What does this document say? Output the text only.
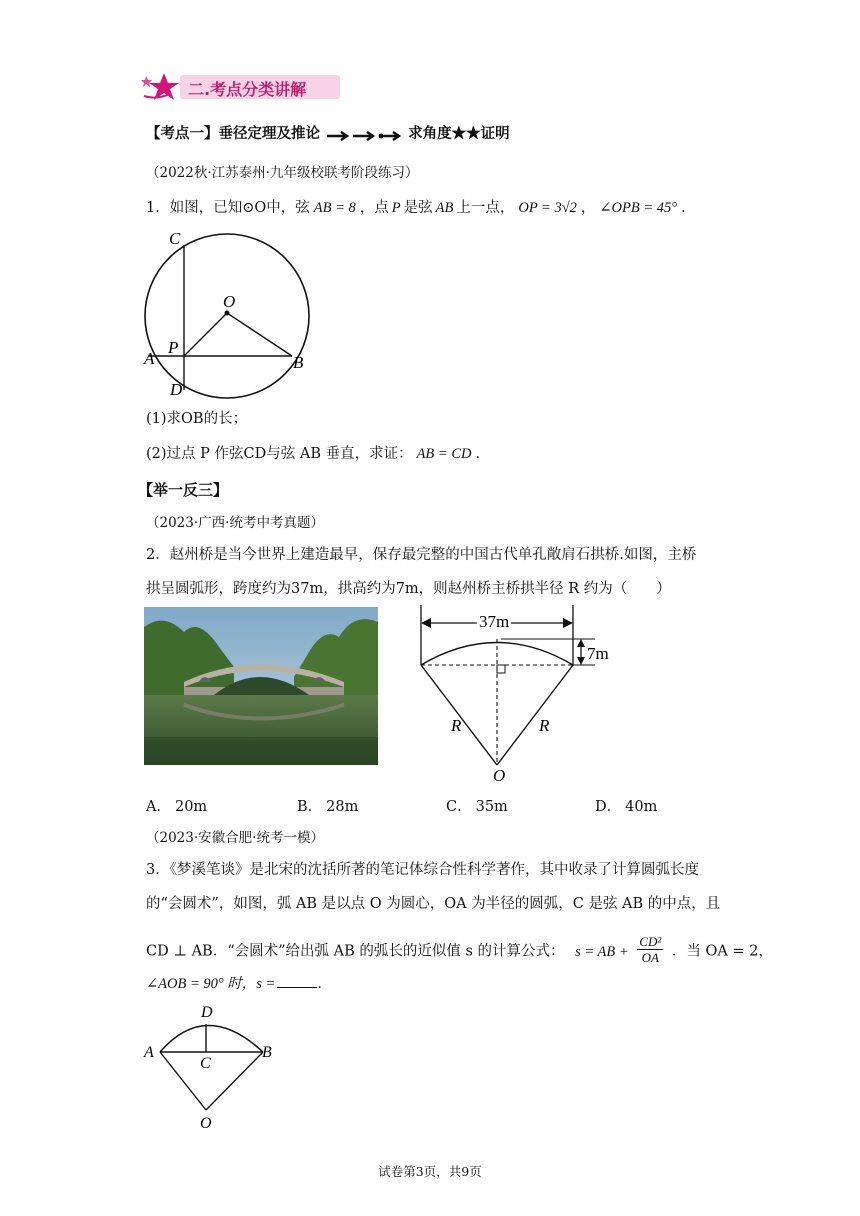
二.考点分类讲解
【考点一】垂径定理及推论	求角度★★证明
（2022秋·江苏泰州·九年级校联考阶段练习）
1．如图，已知⊙O中，弦 AB = 8 ，点 P 是弦 AB 上一点， OP = 3√2 ， ∠OPB = 45° ．
C
O
A
P
B
D
(1)求OB的长；
(2)过点 P 作弦CD与弦 AB 垂直，求证： AB = CD ．
【举一反三】
（2023·广西·统考中考真题）
2．赵州桥是当今世界上建造最早，保存最完整的中国古代单孔敞肩石拱桥.如图，主桥
拱呈圆弧形，跨度约为37m，拱高约为7m，则赵州桥主桥拱半径 R 约为（　　）
37m
7m
R	R
O
A． 20m	B． 28m	C． 35m	D． 40m
（2023·安徽合肥·统考一模）
3．《梦溪笔谈》是北宋的沈括所著的笔记体综合性科学著作，其中收录了计算圆弧长度
的“会圆术”，如图，弧 AB 是以点 O 为圆心，OA 为半径的圆弧，C 是弦 AB 的中点，且
CD ⊥ AB．“会圆术”给出弧 AB 的弧长的近似值 s 的计算公式： s = AB + $\frac{\text{CD²}}{OA}$ ．当 OA = 2，
∠AOB = 90° 时，s =	．
D
A
C
B
O
试卷第3页，共9页
